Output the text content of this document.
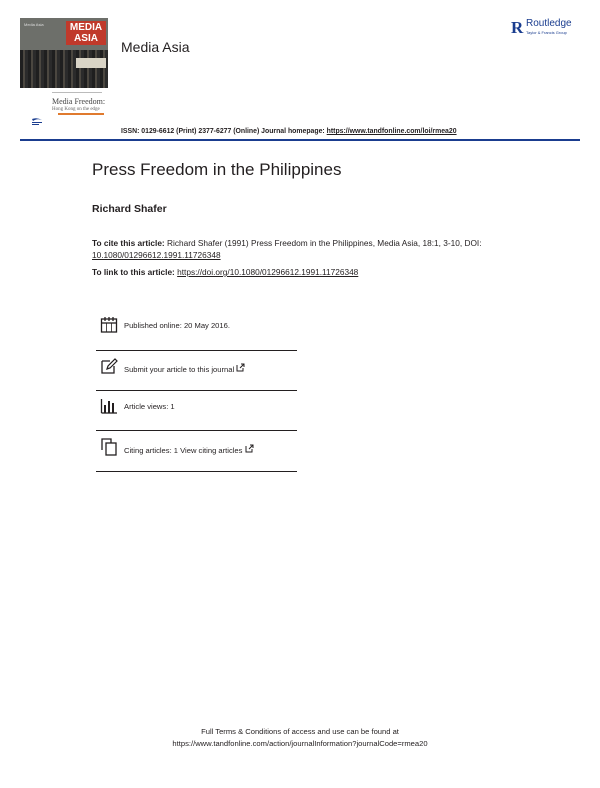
Media Asia	MEDIA ASIA
Media Freedom:
Hong Kong on the edge
Media Asia
R Routledge
Taylor & Francis Group
ISSN: 0129-6612 (Print) 2377-6277 (Online) Journal homepage: https://www.tandfonline.com/loi/rmea20
Press Freedom in the Philippines
Richard Shafer
To cite this article: Richard Shafer (1991) Press Freedom in the Philippines, Media Asia, 18:1, 3-10, DOI: 10.1080/01296612.1991.11726348
To link to this article: https://doi.org/10.1080/01296612.1991.11726348
Published online: 20 May 2016.
Submit your article to this journal
Article views: 1
Citing articles: 1 View citing articles
Full Terms & Conditions of access and use can be found at
https://www.tandfonline.com/action/journalInformation?journalCode=rmea20
